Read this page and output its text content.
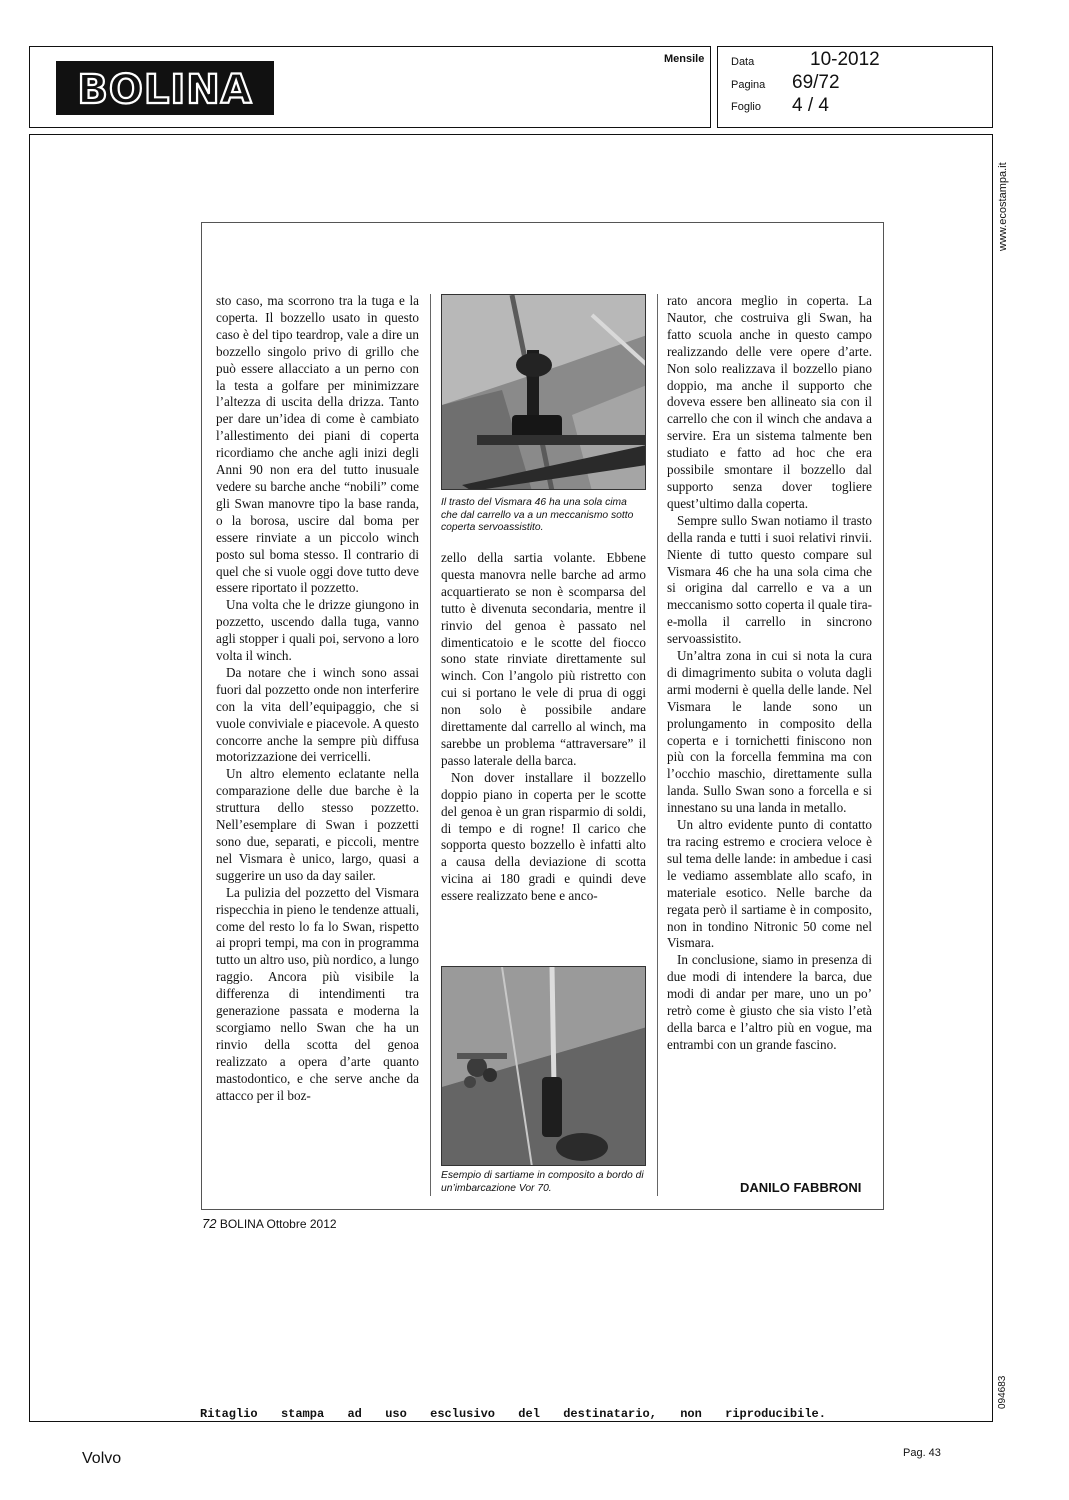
BOLINA
Mensile Data	10-2012
Pagina 69/72
Foglio 4 / 4
www.ecostampa.it
094683
Ritaglio stampa ad uso esclusivo del destinatario, non riproducibile.

sto caso, ma scorrono tra la tuga e la coperta. Il bozzello usato in questo caso è del tipo teardrop, vale a dire un bozzello singolo privo di grillo che può essere allacciato a un perno con la testa a golfare per minimizzare l’altezza di uscita della drizza. Tanto per dare un’idea di come è cambiato l’allestimento dei piani di coperta ricordiamo che anche agli inizi degli Anni 90 non era del tutto inusuale vedere su barche anche “nobili” come gli Swan manovre tipo la base randa, o la borosa, uscire dal boma per essere rinviate a un piccolo winch posto sul boma stesso. Il contrario di quel che si vuole oggi dove tutto deve essere riportato il pozzetto.

Una volta che le drizze giungono in pozzetto, uscendo dalla tuga, vanno agli stopper i quali poi, servono a loro volta il winch.

Da notare che i winch sono assai fuori dal pozzetto onde non interferire con la vita dell’equipaggio, che si vuole conviviale e piacevole. A questo concorre anche la sempre più diffusa motorizzazione dei verricelli.

Un altro elemento eclatante nella comparazione delle due barche è la struttura dello stesso pozzetto. Nell’esemplare di Swan i pozzetti sono due, separati, e piccoli, mentre nel Vismara è unico, largo, quasi a suggerire un uso da day sailer.

La pulizia del pozzetto del Vismara rispecchia in pieno le tendenze attuali, come del resto lo fa lo Swan, rispetto ai propri tempi, ma con in programma tutto un altro uso, più nordico, a lungo raggio. Ancora più visibile la differenza di intendimenti tra generazione passata e moderna la scorgiamo nello Swan che ha un rinvio della scotta del genoa realizzato a opera d’arte quanto mastodontico, e che serve anche da attacco per il boz-

Il trasto del Vismara 46 ha una sola cima che dal carrello va a un meccanismo sotto coperta servoassistito.

zello della sartia volante. Ebbene questa manovra nelle barche ad armo acquartierato se non è scomparsa del tutto è divenuta secondaria, mentre il rinvio del genoa è passato nel dimenticatoio e le scotte del fiocco sono state rinviate direttamente sul winch. Con l’angolo più ristretto con cui si portano le vele di prua di oggi non solo è possibile andare direttamente dal carrello al winch, ma sarebbe un problema “attraversare” il passo laterale della barca.

Non dover installare il bozzello doppio piano in coperta per le scotte del genoa è un gran risparmio di soldi, di tempo e di rogne! Il carico che sopporta questo bozzello è infatti alto a causa della deviazione di scotta vicina ai 180 gradi e quindi deve essere realizzato bene e anco-

Esempio di sartiame in composito a bordo di un’imbarcazione Vor 70.

rato ancora meglio in coperta. La Nautor, che costruiva gli Swan, ha fatto scuola anche in questo campo realizzando delle vere opere d’arte. Non solo realizzava il bozzello piano doppio, ma anche il supporto che doveva essere ben allineato sia con il carrello che con il winch che andava a servire. Era un sistema talmente ben studiato e fatto ad hoc che era possibile smontare il bozzello dal supporto senza dover togliere quest’ultimo dalla coperta.

Sempre sullo Swan notiamo il trasto della randa e tutti i suoi relativi rinvii. Niente di tutto questo compare sul Vismara 46 che ha una sola cima che si origina dal carrello e va a un meccanismo sotto coperta il quale tira-e-molla il carrello in sincrono servoassistito.

Un’altra zona in cui si nota la cura di dimagrimento subita o voluta dagli armi moderni è quella delle lande. Nel Vismara le lande sono un prolungamento in composito della coperta e i tornichetti finiscono non più con la forcella femmina ma con l’occhio maschio, direttamente sulla landa. Sullo Swan sono a forcella e si innestano su una landa in metallo.

Un altro evidente punto di contatto tra racing estremo e crociera veloce è sul tema delle lande: in ambedue i casi le vediamo assemblate allo scafo, in materiale esotico. Nelle barche da regata però il sartiame è in composito, non in tondino Nitronic 50 come nel Vismara.

In conclusione, siamo in presenza di due modi di intendere la barca, due modi di andar per mare, uno un po’ retrò come è giusto che sia visto l’età della barca e l’altro più en vogue, ma entrambi con un grande fascino.

DANILO FABBRONI
72 BOLINA Ottobre 2012
Volvo	Pag. 43
